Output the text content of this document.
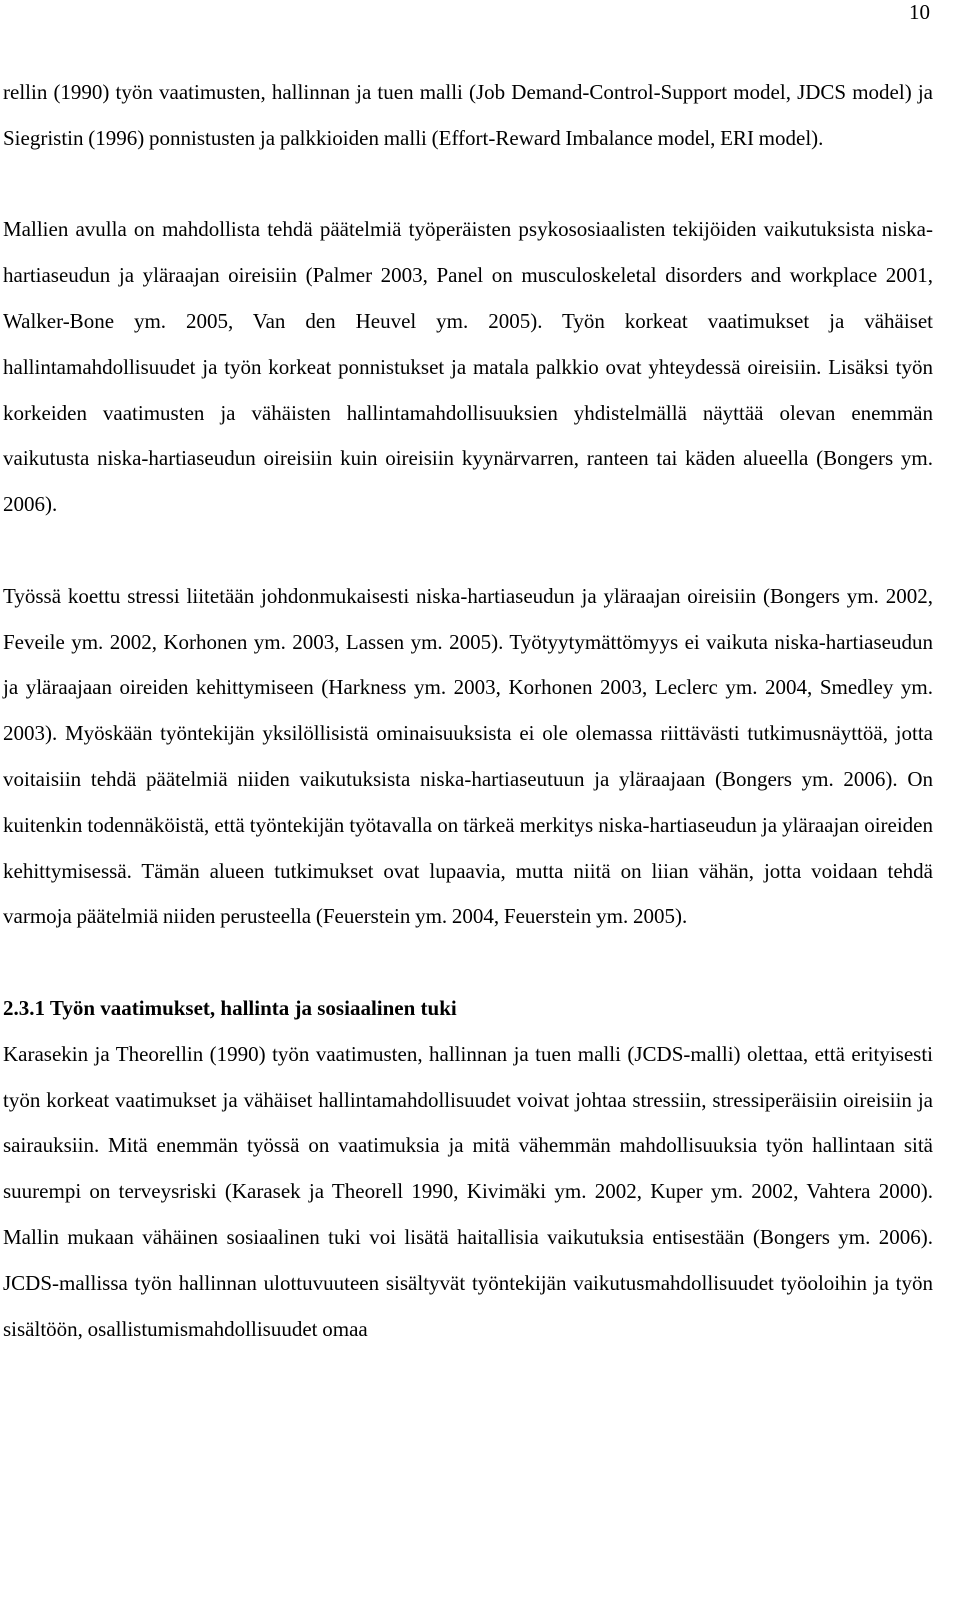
10

rellin (1990) työn vaatimusten, hallinnan ja tuen malli (Job Demand-Control-Support model, JDCS model) ja Siegristin (1996) ponnistusten ja palkkioiden malli (Effort-Reward Imbalance model, ERI model).

Mallien avulla on mahdollista tehdä päätelmiä työperäisten psykososiaalisten tekijöiden vaikutuksista niska-hartiaseudun ja yläraajan oireisiin (Palmer 2003, Panel on musculoskeletal disorders and workplace 2001, Walker-Bone ym. 2005, Van den Heuvel ym. 2005). Työn korkeat vaatimukset ja vähäiset hallintamahdollisuudet ja työn korkeat ponnistukset ja matala palkkio ovat yhteydessä oireisiin. Lisäksi työn korkeiden vaatimusten ja vähäisten hallintamahdollisuuksien yhdistelmällä näyttää olevan enemmän vaikutusta niska-hartiaseudun oireisiin kuin oireisiin kyynärvarren, ranteen tai käden alueella (Bongers ym. 2006).

Työssä koettu stressi liitetään johdonmukaisesti niska-hartiaseudun ja yläraajan oireisiin (Bongers ym. 2002, Feveile ym. 2002, Korhonen ym. 2003, Lassen ym. 2005). Työtyytymättömyys ei vaikuta niska-hartiaseudun ja yläraajaan oireiden kehittymiseen (Harkness ym. 2003, Korhonen 2003, Leclerc ym. 2004, Smedley ym. 2003). Myöskään työntekijän yksilöllisistä ominaisuuksista ei ole olemassa riittävästi tutkimusnäyttöä, jotta voitaisiin tehdä päätelmiä niiden vaikutuksista niska-hartiaseutuun ja yläraajaan (Bongers ym. 2006). On kuitenkin todennäköistä, että työntekijän työtavalla on tärkeä merkitys niska-hartiaseudun ja yläraajan oireiden kehittymisessä. Tämän alueen tutkimukset ovat lupaavia, mutta niitä on liian vähän, jotta voidaan tehdä varmoja päätelmiä niiden perusteella (Feuerstein ym. 2004, Feuerstein ym. 2005).

2.3.1 Työn vaatimukset, hallinta ja sosiaalinen tuki

Karasekin ja Theorellin (1990) työn vaatimusten, hallinnan ja tuen malli (JCDS-malli) olettaa, että erityisesti työn korkeat vaatimukset ja vähäiset hallintamahdollisuudet voivat johtaa stressiin, stressiperäisiin oireisiin ja sairauksiin. Mitä enemmän työssä on vaatimuksia ja mitä vähemmän mahdollisuuksia työn hallintaan sitä suurempi on terveysriski (Karasek ja Theorell 1990, Kivimäki ym. 2002, Kuper ym. 2002, Vahtera 2000). Mallin mukaan vähäinen sosiaalinen tuki voi lisätä haitallisia vaikutuksia entisestään (Bongers ym. 2006). JCDS-mallissa työn hallinnan ulottuvuuteen sisältyvät työntekijän vaikutusmahdollisuudet työoloihin ja työn sisältöön, osallistumismahdollisuudet omaa
